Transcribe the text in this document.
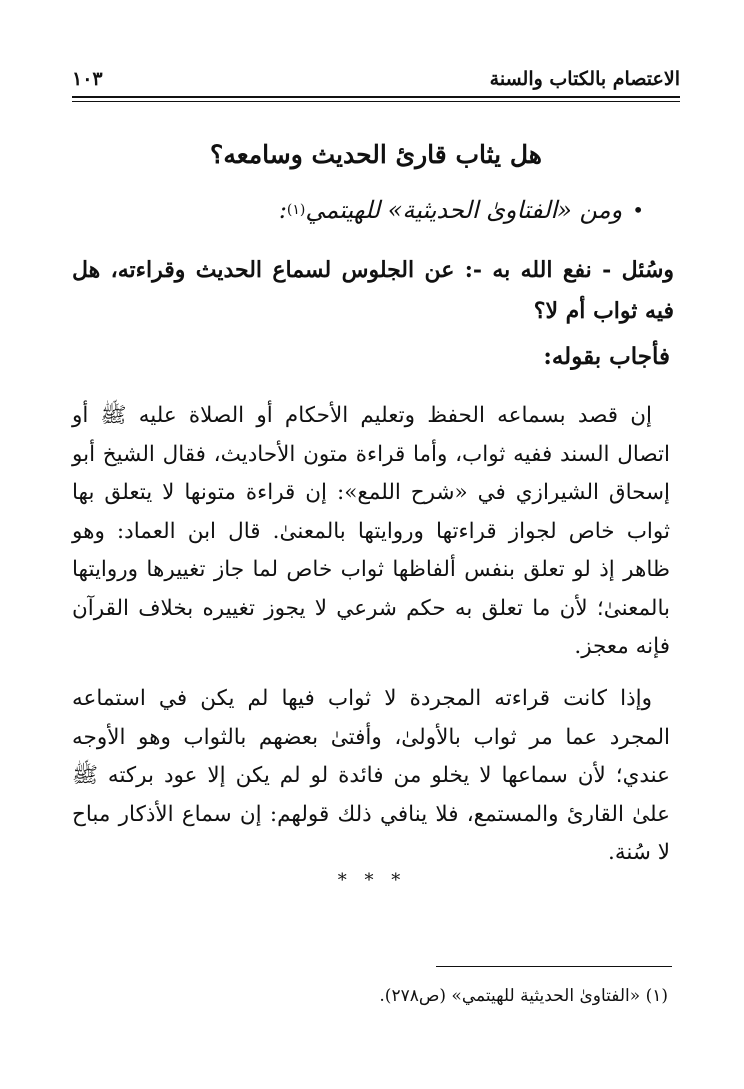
الاعتصام بالكتاب والسنة
١٠٣
هل يثاب قارئ الحديث وسامعه؟
•
ومن «الفتاوىٰ الحديثية» للهيتمي
(١)
:
وسُئل - نفع الله به -: عن الجلوس لسماع الحديث وقراءته، هل فيه ثواب أم لا؟
فأجاب بقوله:

إن قصد بسماعه الحفظ وتعليم الأحكام أو الصلاة عليه ﷺ أو اتصال السند ففيه ثواب، وأما قراءة متون الأحاديث، فقال الشيخ أبو إسحاق الشيرازي في «شرح اللمع»: إن قراءة متونها لا يتعلق بها ثواب خاص لجواز قراءتها وروايتها بالمعنىٰ. قال ابن العماد: وهو ظاهر إذ لو تعلق بنفس ألفاظها ثواب خاص لما جاز تغييرها وروايتها بالمعنىٰ؛ لأن ما تعلق به حكم شرعي لا يجوز تغييره بخلاف القرآن فإنه معجز.

وإذا كانت قراءته المجردة لا ثواب فيها لم يكن في استماعه المجرد عما مر ثواب بالأولىٰ، وأفتىٰ بعضهم بالثواب وهو الأوجه عندي؛ لأن سماعها لا يخلو من فائدة لو لم يكن إلا عود بركته ﷺ علىٰ القارئ والمستمع، فلا ينافي ذلك قولهم: إن سماع الأذكار مباح لا سُنة.

* * *
(١) «الفتاوىٰ الحديثية للهيتمي» (ص٢٧٨).
